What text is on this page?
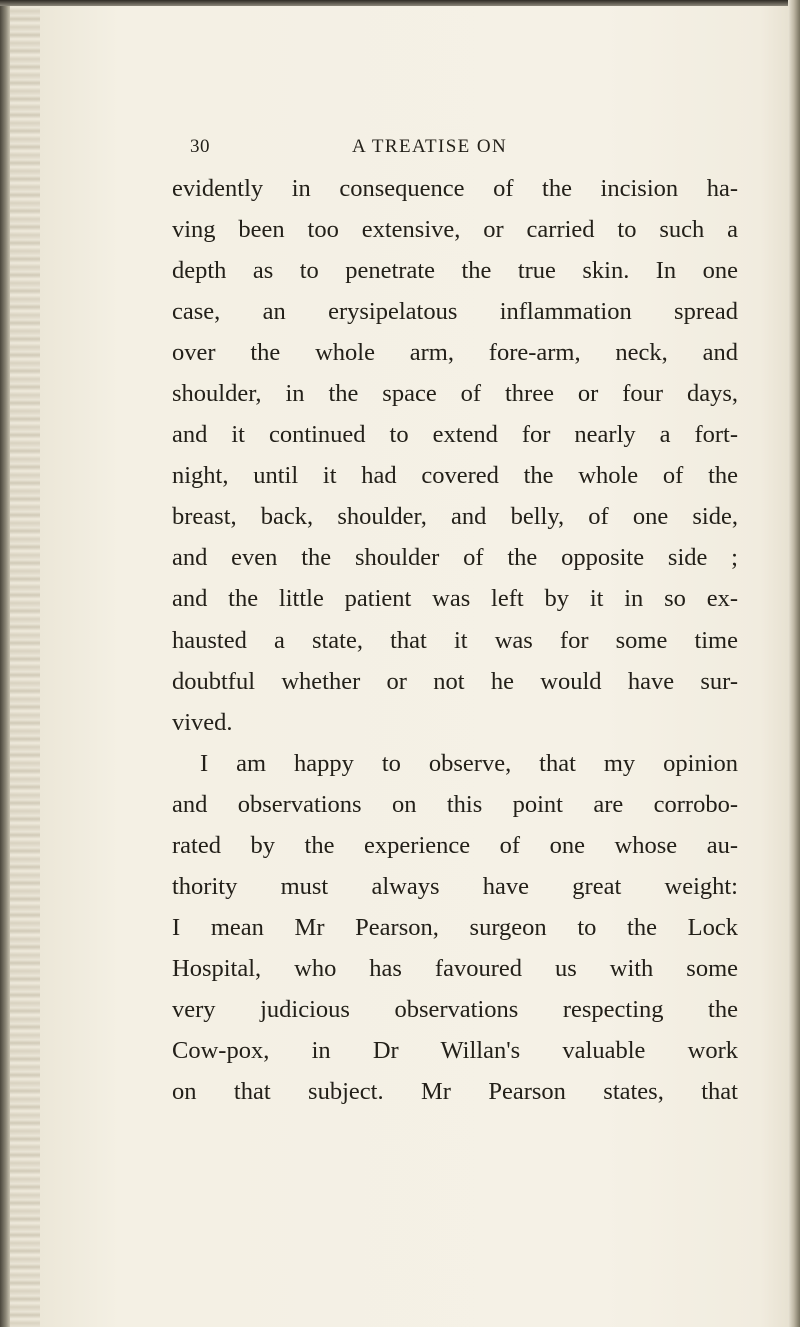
30	A TREATISE ON
evidently in consequence of the incision ha-
ving been too extensive, or carried to such a
depth as to penetrate the true skin. In one
case, an erysipelatous inflammation spread
over the whole arm, fore-arm, neck, and
shoulder, in the space of three or four days,
and it continued to extend for nearly a fort-
night, until it had covered the whole of the
breast, back, shoulder, and belly, of one side,
and even the shoulder of the opposite side ;
and the little patient was left by it in so ex-
hausted a state, that it was for some time
doubtful whether or not he would have sur-
vived.
I am happy to observe, that my opinion
and observations on this point are corrobo-
rated by the experience of one whose au-
thority must always have great weight:
I mean Mr Pearson, surgeon to the Lock
Hospital, who has favoured us with some
very judicious observations respecting the
Cow-pox, in Dr Willan's valuable work
on that subject. Mr Pearson states, that
